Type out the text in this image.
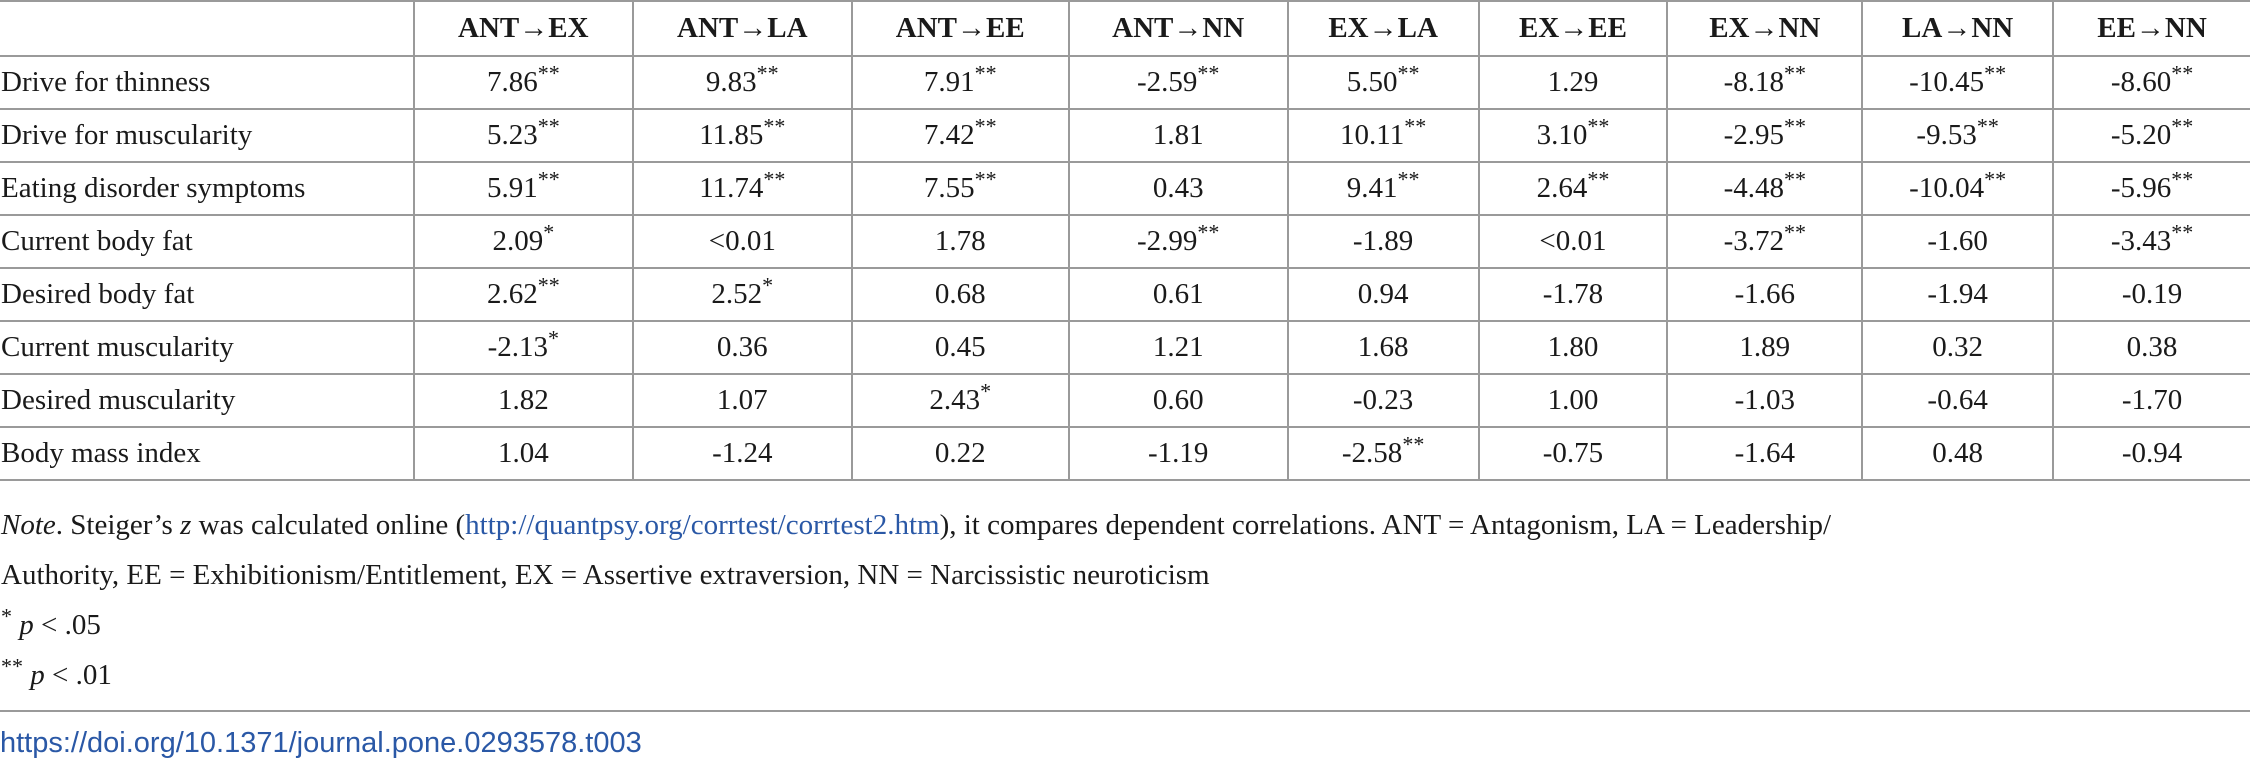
	ANT→EX	ANT→LA	ANT→EE	ANT→NN	EX→LA	EX→EE	EX→NN	LA→NN	EE→NN
Drive for thinness	7.86**	9.83**	7.91**	-2.59**	5.50**	1.29	-8.18**	-10.45**	-8.60**
Drive for muscularity	5.23**	11.85**	7.42**	1.81	10.11**	3.10**	-2.95**	-9.53**	-5.20**
Eating disorder symptoms	5.91**	11.74**	7.55**	0.43	9.41**	2.64**	-4.48**	-10.04**	-5.96**
Current body fat	2.09*	<0.01	1.78	-2.99**	-1.89	<0.01	-3.72**	-1.60	-3.43**
Desired body fat	2.62**	2.52*	0.68	0.61	0.94	-1.78	-1.66	-1.94	-0.19
Current muscularity	-2.13*	0.36	0.45	1.21	1.68	1.80	1.89	0.32	0.38
Desired muscularity	1.82	1.07	2.43*	0.60	-0.23	1.00	-1.03	-0.64	-1.70
Body mass index	1.04	-1.24	0.22	-1.19	-2.58**	-0.75	-1.64	0.48	-0.94
Note. Steiger’s z was calculated online (http://quantpsy.org/corrtest/corrtest2.htm), it compares dependent correlations. ANT = Antagonism, LA = Leadership/
Authority, EE = Exhibitionism/Entitlement, EX = Assertive extraversion, NN = Narcissistic neuroticism
* p < .05
** p < .01
https://doi.org/10.1371/journal.pone.0293578.t003
